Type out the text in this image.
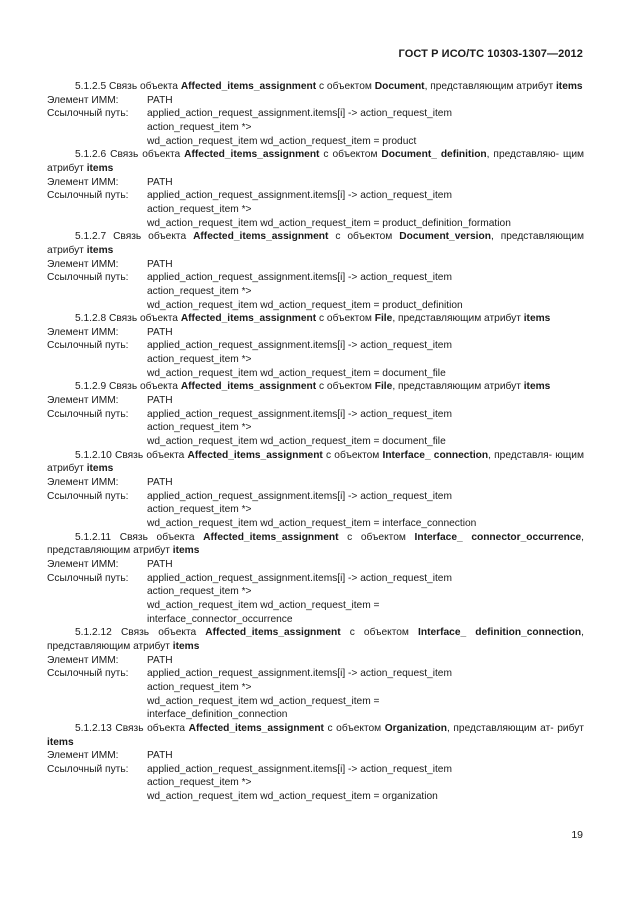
ГОСТ Р ИСО/ТС 10303-1307—2012
5.1.2.5 Связь объекта Affected_items_assignment с объектом Document, представляющим атрибут items
Элемент ИММ:	PATH
Ссылочный путь:	applied_action_request_assignment.items[i] -> action_request_item
action_request_item *>
wd_action_request_item wd_action_request_item = product
5.1.2.6 Связь объекта Affected_items_assignment с объектом Document_ definition, представляю- щим атрибут items
Элемент ИММ:	PATH
Ссылочный путь:	applied_action_request_assignment.items[i] -> action_request_item
action_request_item *>
wd_action_request_item wd_action_request_item = product_definition_formation
5.1.2.7 Связь объекта Affected_items_assignment с объектом Document_version, представляющим атрибут items
Элемент ИММ:	PATH
Ссылочный путь:	applied_action_request_assignment.items[i] -> action_request_item
action_request_item *>
wd_action_request_item wd_action_request_item = product_definition
5.1.2.8 Связь объекта Affected_items_assignment с объектом File, представляющим атрибут items
Элемент ИММ:	PATH
Ссылочный путь:	applied_action_request_assignment.items[i] -> action_request_item
action_request_item *>
wd_action_request_item wd_action_request_item = document_file
5.1.2.9 Связь объекта Affected_items_assignment с объектом File, представляющим атрибут items
Элемент ИММ:	PATH
Ссылочный путь:	applied_action_request_assignment.items[i] -> action_request_item
action_request_item *>
wd_action_request_item wd_action_request_item = document_file
5.1.2.10 Связь объекта Affected_items_assignment с объектом Interface_ connection, представля- ющим атрибут items
Элемент ИММ:	PATH
Ссылочный путь:	applied_action_request_assignment.items[i] -> action_request_item
action_request_item *>
wd_action_request_item wd_action_request_item = interface_connection
5.1.2.11 Связь объекта Affected_items_assignment с объектом Interface_ connector_occurrence, представляющим атрибут items
Элемент ИММ:	PATH
Ссылочный путь:	applied_action_request_assignment.items[i] -> action_request_item
action_request_item *>
wd_action_request_item wd_action_request_item =
interface_connector_occurrence
5.1.2.12 Связь объекта Affected_items_assignment с объектом Interface_ definition_connection, представляющим атрибут items
Элемент ИММ:	PATH
Ссылочный путь:	applied_action_request_assignment.items[i] -> action_request_item
action_request_item *>
wd_action_request_item wd_action_request_item =
interface_definition_connection
5.1.2.13 Связь объекта Affected_items_assignment с объектом Organization, представляющим ат- рибут items
Элемент ИММ:	PATH
Ссылочный путь:	applied_action_request_assignment.items[i] -> action_request_item
action_request_item *>
wd_action_request_item wd_action_request_item = organization
19
